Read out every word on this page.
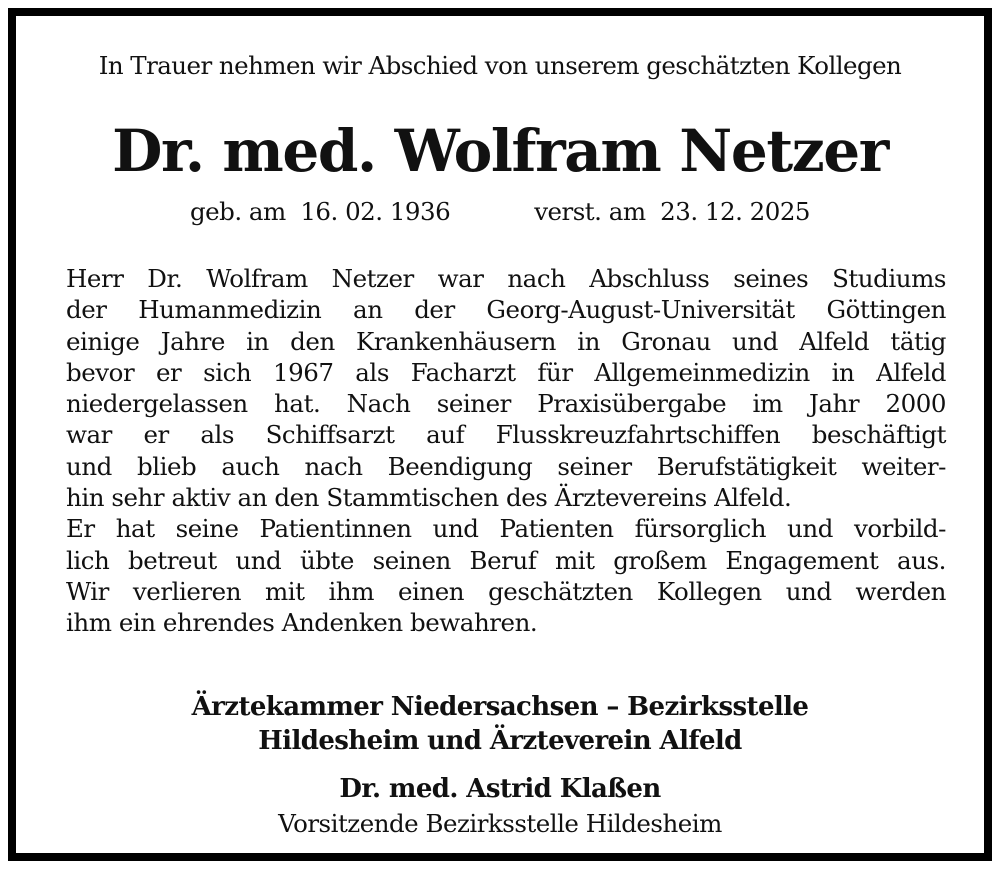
In Trauer nehmen wir Abschied von unserem geschätzten Kollegen
Dr. med. Wolfram Netzer
geb. am  16. 02. 1936	verst. am  23. 12. 2025
Herr Dr. Wolfram Netzer war nach Abschluss seines Studiums
der Humanmedizin an der Georg-August-Universität Göttingen
einige Jahre in den Krankenhäusern in Gronau und Alfeld tätig
bevor er sich 1967 als Facharzt für Allgemeinmedizin in Alfeld
niedergelassen hat. Nach seiner Praxisübergabe im Jahr 2000
war er als Schiffsarzt auf Flusskreuzfahrtschiffen beschäftigt
und blieb auch nach Beendigung seiner Berufstätigkeit weiter-
hin sehr aktiv an den Stammtischen des Ärztevereins Alfeld.
Er hat seine Patientinnen und Patienten fürsorglich und vorbild-
lich betreut und übte seinen Beruf mit großem Engagement aus.
Wir verlieren mit ihm einen geschätzten Kollegen und werden
ihm ein ehrendes Andenken bewahren.
Ärztekammer Niedersachsen – Bezirksstelle
Hildesheim und Ärzteverein Alfeld
Dr. med. Astrid Klaßen
Vorsitzende Bezirksstelle Hildesheim
